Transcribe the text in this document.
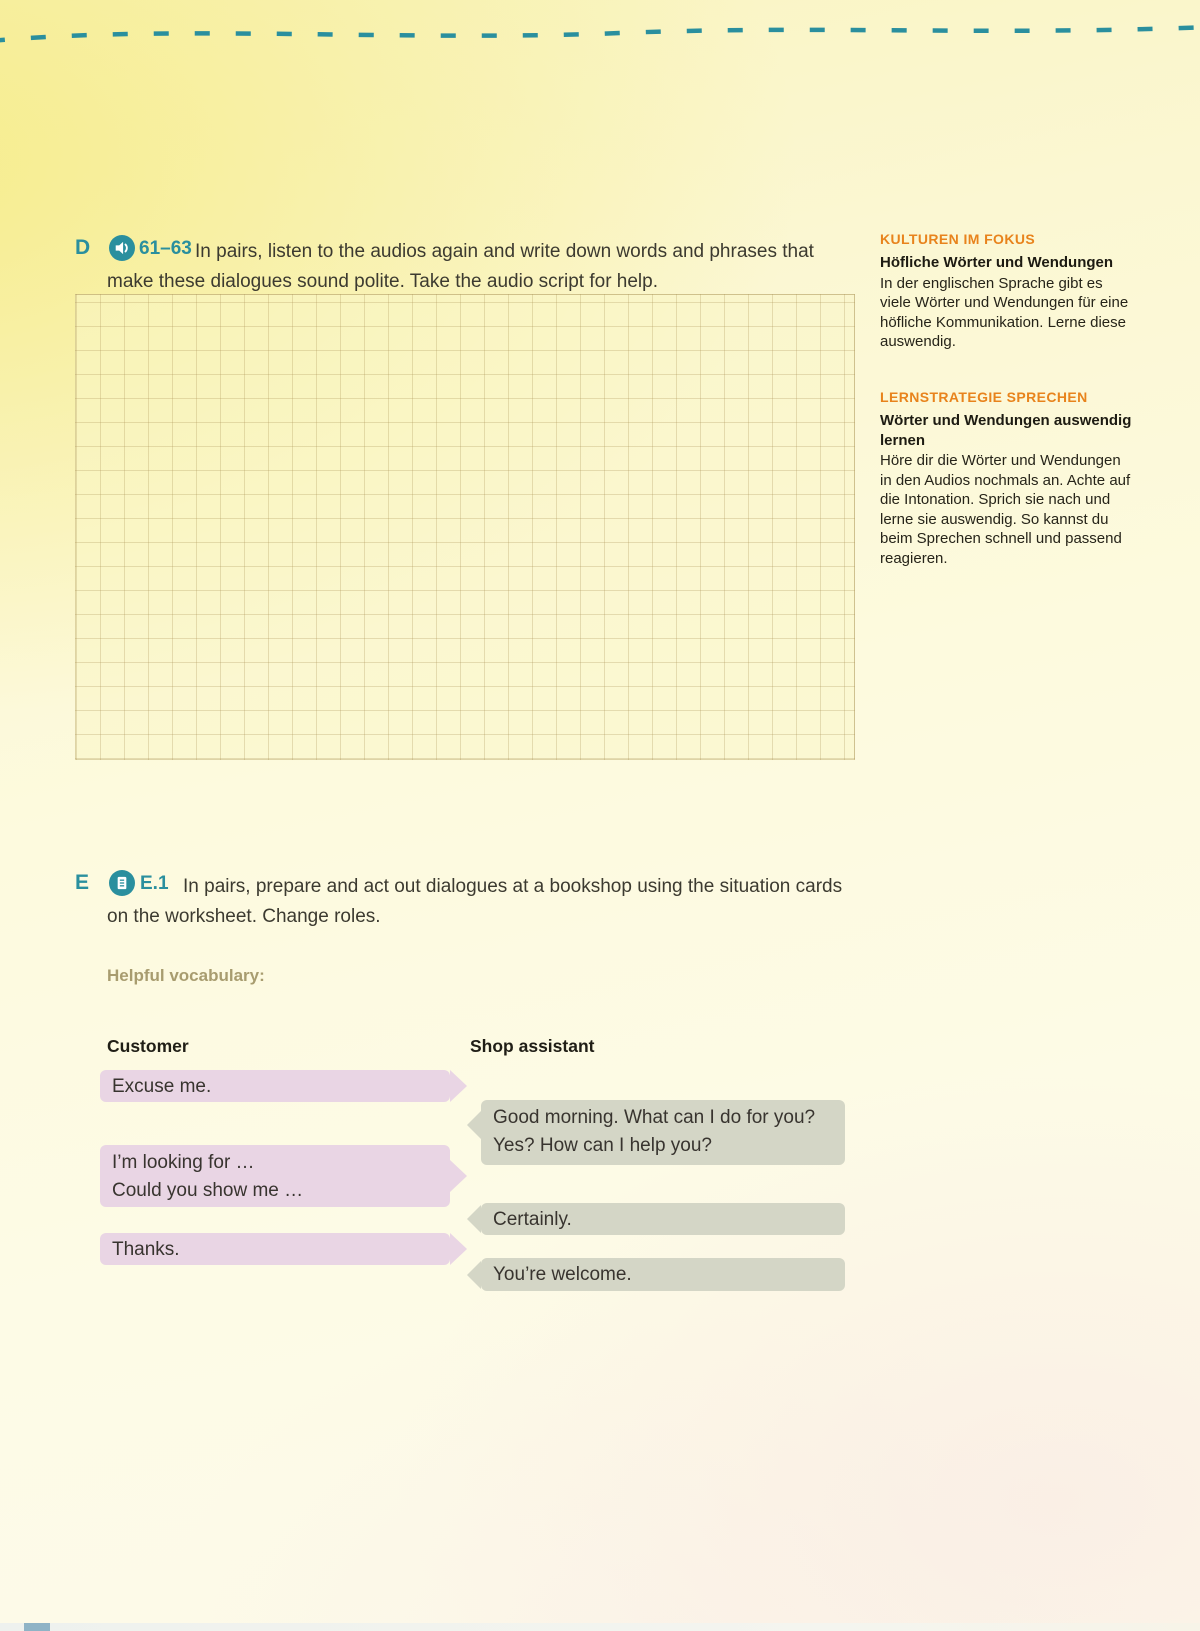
D	61–63 In pairs, listen to the audios again and write down words and phrases that make these dialogues sound polite. Take the audio script for help.

KULTUREN IM FOKUS
Höfliche Wörter und Wendungen
In der englischen Sprache gibt es viele Wörter und Wendungen für eine höfliche Kommunikation. Lerne diese auswendig.
LERNSTRATEGIE SPRECHEN
Wörter und Wendungen auswendig lernen
Höre dir die Wörter und Wendungen in den Audios nochmals an. Achte auf die Intonation. Sprich sie nach und lerne sie auswendig. So kannst du beim Sprechen schnell und passend reagieren.
E	E.1 In pairs, prepare and act out dialogues at a bookshop using the situation cards on the worksheet. Change roles.

Helpful vocabulary:
Customer	Shop assistant
Excuse me.
Good morning. What can I do for you?
Yes? How can I help you?
I’m looking for …
Could you show me …
Certainly.
Thanks.
You’re welcome.
